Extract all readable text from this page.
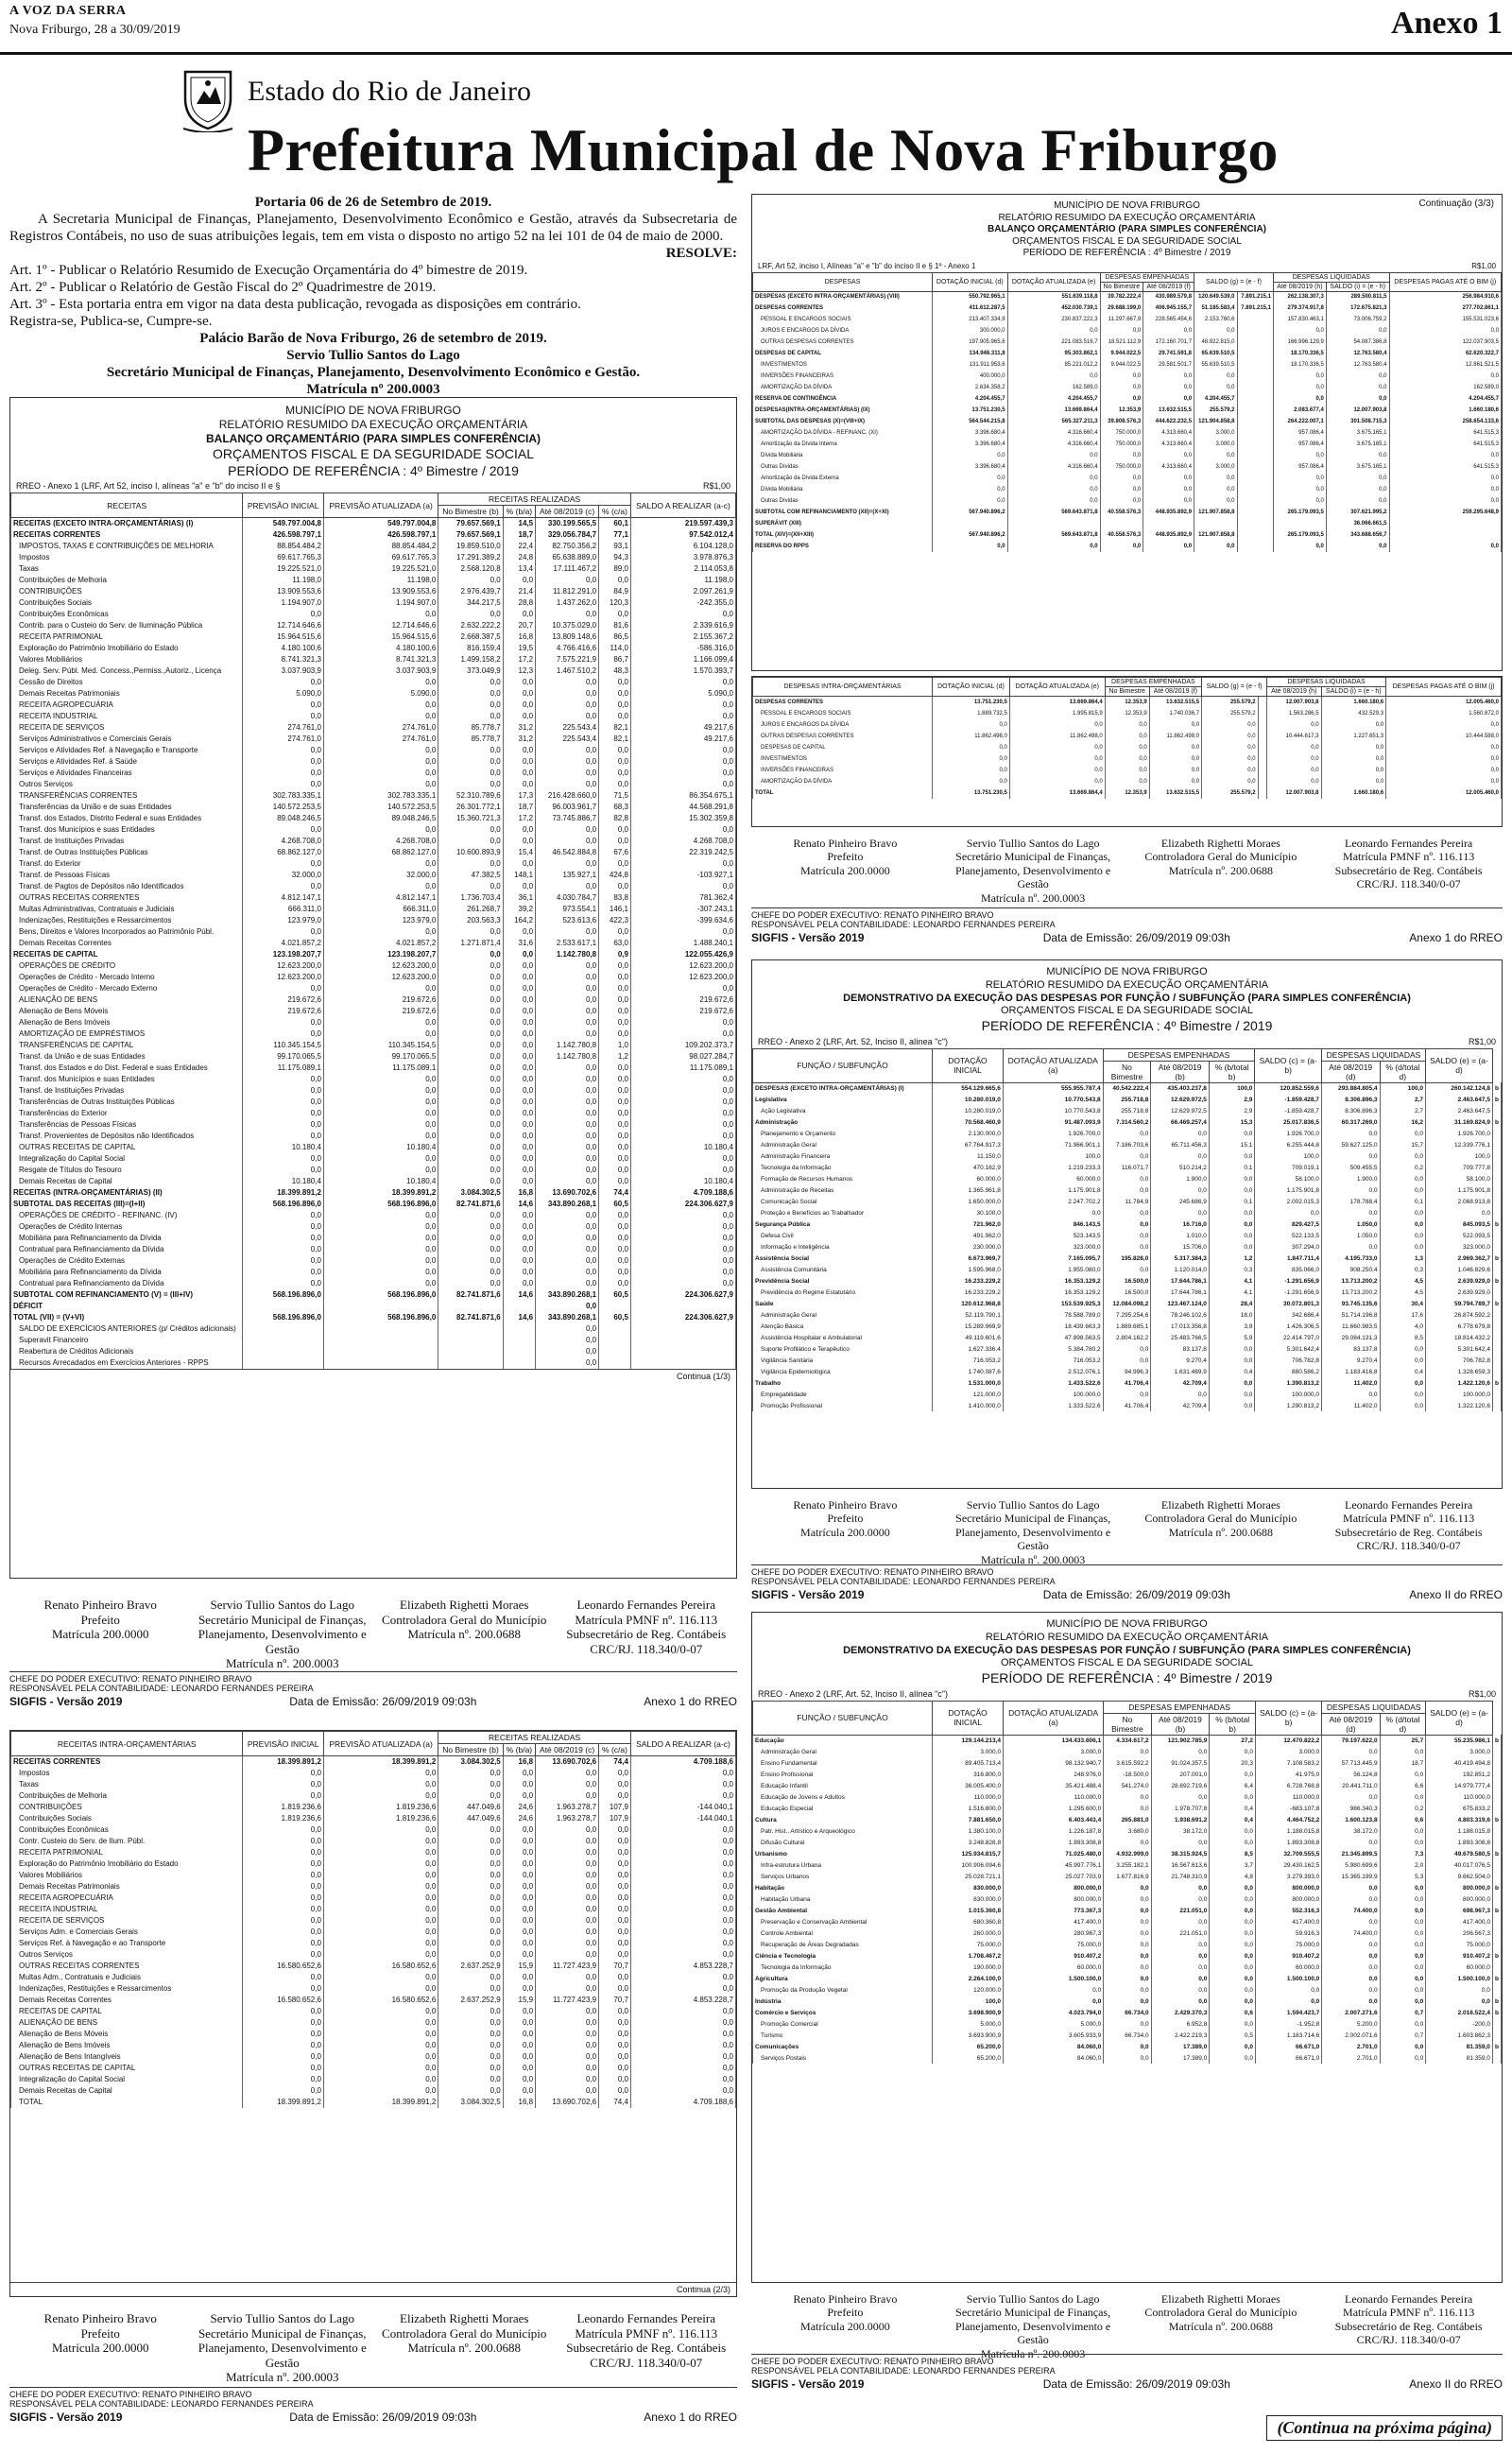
A VOZ DA SERRA
Nova Friburgo, 28 a 30/09/2019	Anexo 1
Estado do Rio de Janeiro
Prefeitura Municipal de Nova Friburgo
Portaria 06 de 26 de Setembro de 2019.

A Secretaria Municipal de Finanças, Planejamento, Desenvolvimento Econômico e Gestão, através da Subsecretaria de Registros Contábeis, no uso de suas atribuições legais, tem em vista o disposto no artigo 52 na lei 101 de 04 de maio de 2000.

RESOLVE:

Art. 1º - Publicar o Relatório Resumido de Execução Orçamentária do 4º bimestre de 2019.

Art. 2º - Publicar o Relatório de Gestão Fiscal do 2º Quadrimestre de 2019.

Art. 3º - Esta portaria entra em vigor na data desta publicação, revogada as disposições em contrário.

Registra-se, Publica-se, Cumpre-se.

Palácio Barão de Nova Friburgo, 26 de setembro de 2019.

Servio Tullio Santos do Lago

Secretário Municipal de Finanças, Planejamento, Desenvolvimento Econômico e Gestão.

Matrícula nº 200.0003

MUNICÍPIO DE NOVA FRIBURGO
RELATÓRIO RESUMIDO DA EXECUÇÃO ORÇAMENTÁRIA
BALANÇO ORÇAMENTÁRIO (PARA SIMPLES CONFERÊNCIA)
ORÇAMENTOS FISCAL E DA SEGURIDADE SOCIAL
PERÍODO DE REFERÊNCIA : 4º Bimestre / 2019
RREO - Anexo 1 (LRF, Art 52, inciso I, alíneas "a" e "b" do inciso II e §	R$1,00
RECEITAS	PREVISÃO INICIAL	PREVISÃO ATUALIZADA (a)	RECEITAS REALIZADAS				SALDO A REALIZAR (a-c)
			No Bimestre (b)	% (b/a)	Até 08/2019 (c)	% (c/a)	
RECEITAS (EXCETO INTRA-ORÇAMENTÁRIAS) (I)	549.797.004,8	549.797.004,8	79.657.569,1	14,5	330.199.565,5	60,1	219.597.439,3
RECEITAS CORRENTES	426.598.797,1	426.598.797,1	79.657.569,1	18,7	329.056.784,7	77,1	97.542.012,4
IMPOSTOS, TAXAS E CONTRIBUIÇÕES DE MELHORIA	88.854.484,2	88.854.484,2	19.859.510,0	22,4	82.750.356,2	93,1	6.104.128,0
Impostos	69.617.765,3	69.617.765,3	17.291.389,2	24,8	65.638.889,0	94,3	3.978.876,3
Taxas	19.225.521,0	19.225.521,0	2.568.120,8	13,4	17.111.467,2	89,0	2.114.053,8
Contribuições de Melhoria	11.198,0	11.198,0	0,0	0,0	0,0	0,0	11.198,0
CONTRIBUIÇÕES	13.909.553,6	13.909.553,6	2.976.439,7	21,4	11.812.291,0	84,9	2.097.261,9
Contribuições Sociais	1.194.907,0	1.194.907,0	344.217,5	28,8	1.437.262,0	120,3	-242.355,0
Contribuições Econômicas	0,0	0,0	0,0	0,0	0,0	0,0	0,0
Contrib. para o Custeio do Serv. de Iluminação Pública	12.714.646,6	12.714.646,6	2.632.222,2	20,7	10.375.029,0	81,6	2.339.616,9
RECEITA PATRIMONIAL	15.964.515,6	15.964.515,6	2.668.387,5	16,8	13.809.148,6	86,5	2.155.367,2
Exploração do Patrimônio Imobiliário do Estado	4.180.100,6	4.180.100,6	816.159,4	19,5	4.766.416,6	114,0	-586.316,0
Valores Mobiliários	8.741.321,3	8.741.321,3	1.499.158,2	17,2	7.575.221,9	86,7	1.166.099,4
Deleg. Serv. Públ. Med. Concess.,Permiss.,Autoriz., Licença	3.037.903,9	3.037.903,9	373.049,9	12,3	1.467.510,2	48,3	1.570.393,7
Cessão de Direitos	0,0	0,0	0,0	0,0	0,0	0,0	0,0
Demais Receitas Patrimoniais	5.090,0	5.090,0	0,0	0,0	0,0	0,0	5.090,0
RECEITA AGROPECUÁRIA	0,0	0,0	0,0	0,0	0,0	0,0	0,0
RECEITA INDUSTRIAL	0,0	0,0	0,0	0,0	0,0	0,0	0,0
RECEITA DE SERVIÇOS	274.761,0	274.761,0	85.778,7	31,2	225.543,4	82,1	49.217,6
Serviços Administrativos e Comerciais Gerais	274.761,0	274.761,0	85.778,7	31,2	225.543,4	82,1	49.217,6
Serviços e Atividades Ref. à Navegação e Transporte	0,0	0,0	0,0	0,0	0,0	0,0	0,0
Serviços e Atividades Ref. à Saúde	0,0	0,0	0,0	0,0	0,0	0,0	0,0
Serviços e Atividades Financeiras	0,0	0,0	0,0	0,0	0,0	0,0	0,0
Outros Serviços	0,0	0,0	0,0	0,0	0,0	0,0	0,0
TRANSFERÊNCIAS CORRENTES	302.783.335,1	302.783.335,1	52.310.789,6	17,3	216.428.660,0	71,5	86.354.675,1
Transferências da União e de suas Entidades	140.572.253,5	140.572.253,5	26.301.772,1	18,7	96.003.961,7	68,3	44.568.291,8
Transf. dos Estados, Distrito Federal e suas Entidades	89.048.246,5	89.048.246,5	15.360.721,3	17,2	73.745.886,7	82,8	15.302.359,8
Transf. dos Municípios e suas Entidades	0,0	0,0	0,0	0,0	0,0	0,0	0,0
Transf. de Instituições Privadas	4.268.708,0	4.268.708,0	0,0	0,0	0,0	0,0	4.268.708,0
Transf. de Outras Instituições Públicas	68.862.127,0	68.862.127,0	10.600.893,9	15,4	46.542.884,8	67,6	22.319.242,5
Transf. do Exterior	0,0	0,0	0,0	0,0	0,0	0,0	0,0
Transf. de Pessoas Físicas	32.000,0	32.000,0	47.382,5	148,1	135.927,1	424,8	-103.927,1
Transf. de Pagtos de Depósitos não Identificados	0,0	0,0	0,0	0,0	0,0	0,0	0,0
OUTRAS RECEITAS CORRENTES	4.812.147,1	4.812.147,1	1.736.703,4	36,1	4.030.784,7	83,8	781.362,4
Multas Administrativas, Contratuais e Judiciais	666.311,0	666.311,0	261.268,7	39,2	973.554,1	146,1	-307.243,1
Indenizações, Restituições e Ressarcimentos	123.979,0	123.979,0	203.563,3	164,2	523.613,6	422,3	-399.634,6
Bens, Direitos e Valores Incorporados ao Patrimônio Públ.	0,0	0,0	0,0	0,0	0,0	0,0	0,0
Demais Receitas Correntes	4.021.857,2	4.021.857,2	1.271.871,4	31,6	2.533.617,1	63,0	1.488.240,1
RECEITAS DE CAPITAL	123.198.207,7	123.198.207,7	0,0	0,0	1.142.780,8	0,9	122.055.426,9
OPERAÇÕES DE CRÉDITO	12.623.200,0	12.623.200,0	0,0	0,0	0,0	0,0	12.623.200,0
Operações de Crédito - Mercado Interno	12.623.200,0	12.623.200,0	0,0	0,0	0,0	0,0	12.623.200,0
Operações de Crédito - Mercado Externo	0,0	0,0	0,0	0,0	0,0	0,0	0,0
ALIENAÇÃO DE BENS	219.672,6	219.672,6	0,0	0,0	0,0	0,0	219.672,6
Alienação de Bens Móveis	219.672,6	219.672,6	0,0	0,0	0,0	0,0	219.672,6
Alienação de Bens Imóveis	0,0	0,0	0,0	0,0	0,0	0,0	0,0
AMORTIZAÇÃO DE EMPRÉSTIMOS	0,0	0,0	0,0	0,0	0,0	0,0	0,0
TRANSFERÊNCIAS DE CAPITAL	110.345.154,5	110.345.154,5	0,0	0,0	1.142.780,8	1,0	109.202.373,7
Transf. da União e de suas Entidades	99.170.065,5	99.170.065,5	0,0	0,0	1.142.780,8	1,2	98.027.284,7
Transf. dos Estados e do Dist. Federal e suas Entidades	11.175.089,1	11.175.089,1	0,0	0,0	0,0	0,0	11.175.089,1
Transf. dos Municípios e suas Entidades	0,0	0,0	0,0	0,0	0,0	0,0	0,0
Transf. de Instituições Privadas	0,0	0,0	0,0	0,0	0,0	0,0	0,0
Transferências de Outras Instituições Públicas	0,0	0,0	0,0	0,0	0,0	0,0	0,0
Transferências do Exterior	0,0	0,0	0,0	0,0	0,0	0,0	0,0
Transferências de Pessoas Físicas	0,0	0,0	0,0	0,0	0,0	0,0	0,0
Transf. Provenientes de Depósitos não Identificados	0,0	0,0	0,0	0,0	0,0	0,0	0,0
OUTRAS RECEITAS DE CAPITAL	10.180,4	10.180,4	0,0	0,0	0,0	0,0	10.180,4
Integralização do Capital Social	0,0	0,0	0,0	0,0	0,0	0,0	0,0
Resgate de Títulos do Tesouro	0,0	0,0	0,0	0,0	0,0	0,0	0,0
Demais Receitas de Capital	10.180,4	10.180,4	0,0	0,0	0,0	0,0	10.180,4
RECEITAS (INTRA-ORÇAMENTÁRIAS) (II)	18.399.891,2	18.399.891,2	3.084.302,5	16,8	13.690.702,6	74,4	4.709.188,6
SUBTOTAL DAS RECEITAS (III)=(I+II)	568.196.896,0	568.196.896,0	82.741.871,6	14,6	343.890.268,1	60,5	224.306.627,9
OPERAÇÕES DE CRÉDITO - REFINANC. (IV)	0,0	0,0	0,0	0,0	0,0	0,0	0,0
Operações de Crédito Internas	0,0	0,0	0,0	0,0	0,0	0,0	0,0
Mobiliária para Refinanciamento da Dívida	0,0	0,0	0,0	0,0	0,0	0,0	0,0
Contratual para Refinanciamento da Dívida	0,0	0,0	0,0	0,0	0,0	0,0	0,0
Operações de Crédito Externas	0,0	0,0	0,0	0,0	0,0	0,0	0,0
Mobiliária para Refinanciamento da Dívida	0,0	0,0	0,0	0,0	0,0	0,0	0,0
Contratual para Refinanciamento da Dívida	0,0	0,0	0,0	0,0	0,0	0,0	0,0
SUBTOTAL COM REFINANCIAMENTO (V) = (III+IV)	568.196.896,0	568.196.896,0	82.741.871,6	14,6	343.890.268,1	60,5	224.306.627,9
DÉFICIT					0,0		
TOTAL (VII) = (V+VI)	568.196.896,0	568.196.896,0	82.741.871,6	14,6	343.890.268,1	60,5	224.306.627,9
SALDO DE EXERCÍCIOS ANTERIORES (p/ Créditos adicionais)					0,0		
Superavit Financeiro					0,0		
Reabertura de Créditos Adicionais					0,0		
Recursos Arrecadados em Exercícios Anteriores - RPPS					0,0		
Continua (1/3)
Renato Pinheiro Bravo
Prefeito
Matrícula 200.0000
Servio Tullio Santos do Lago
Secretário Municipal de Finanças, Planejamento, Desenvolvimento e Gestão
Matrícula nº. 200.0003
Elizabeth Righetti Moraes
Controladora Geral do Município
Matrícula nº. 200.0688
Leonardo Fernandes Pereira
Matrícula PMNF nº. 116.113 Subsecretário de Reg. Contábeis
CRC/RJ. 118.340/0-07
CHEFE DO PODER EXECUTIVO: RENATO PINHEIRO BRAVO
RESPONSÁVEL PELA CONTABILIDADE: LEONARDO FERNANDES PEREIRA
SIGFIS - Versão 2019	Data de Emissão: 26/09/2019 09:03h	Anexo 1 do RREO
RECEITAS INTRA-ORÇAMENTÁRIAS	PREVISÃO INICIAL	PREVISÃO ATUALIZADA (a)	RECEITAS REALIZADAS				SALDO A REALIZAR (a-c)
			No Bimestre (b)	% (b/a)	Até 08/2019 (c)	% (c/a)	
RECEITAS CORRENTES	18.399.891,2	18.399.891,2	3.084.302,5	16,8	13.690.702,6	74,4	4.709.188,6
Impostos	0,0	0,0	0,0	0,0	0,0	0,0	0,0
Taxas	0,0	0,0	0,0	0,0	0,0	0,0	0,0
Contribuições de Melhoria	0,0	0,0	0,0	0,0	0,0	0,0	0,0
CONTRIBUIÇÕES	1.819.236,6	1.819.236,6	447.049,6	24,6	1.963.278,7	107,9	-144.040,1
Contribuições Sociais	1.819.236,6	1.819.236,6	447.049,6	24,6	1.963.278,7	107,9	-144.040,1
Contribuições Econômicas	0,0	0,0	0,0	0,0	0,0	0,0	0,0
Contr. Custeio do Serv. de Ilum. Públ.	0,0	0,0	0,0	0,0	0,0	0,0	0,0
RECEITA PATRIMONIAL	0,0	0,0	0,0	0,0	0,0	0,0	0,0
Exploração do Patrimônio Imobiliário do Estado	0,0	0,0	0,0	0,0	0,0	0,0	0,0
Valores Mobiliários	0,0	0,0	0,0	0,0	0,0	0,0	0,0
Demais Receitas Patrimoniais	0,0	0,0	0,0	0,0	0,0	0,0	0,0
RECEITA AGROPECUÁRIA	0,0	0,0	0,0	0,0	0,0	0,0	0,0
RECEITA INDUSTRIAL	0,0	0,0	0,0	0,0	0,0	0,0	0,0
RECEITA DE SERVIÇOS	0,0	0,0	0,0	0,0	0,0	0,0	0,0
Serviços Adm. e Comerciais Gerais	0,0	0,0	0,0	0,0	0,0	0,0	0,0
Serviços Ref. à Navegação e ao Transporte	0,0	0,0	0,0	0,0	0,0	0,0	0,0
Outros Serviços	0,0	0,0	0,0	0,0	0,0	0,0	0,0
OUTRAS RECEITAS CORRENTES	16.580.652,6	16.580.652,6	2.637.252,9	15,9	11.727.423,9	70,7	4.853.228,7
Multas Adm., Contratuais e Judiciais	0,0	0,0	0,0	0,0	0,0	0,0	0,0
Indenizações, Restituições e Ressarcimentos	0,0	0,0	0,0	0,0	0,0	0,0	0,0
Demais Receitas Correntes	16.580.652,6	16.580.652,6	2.637.252,9	15,9	11.727.423,9	70,7	4.853.228,7
RECEITAS DE CAPITAL	0,0	0,0	0,0	0,0	0,0	0,0	0,0
ALIENAÇÃO DE BENS	0,0	0,0	0,0	0,0	0,0	0,0	0,0
Alienação de Bens Móveis	0,0	0,0	0,0	0,0	0,0	0,0	0,0
Alienação de Bens Imóveis	0,0	0,0	0,0	0,0	0,0	0,0	0,0
Alienação de Bens Intangíveis	0,0	0,0	0,0	0,0	0,0	0,0	0,0
OUTRAS RECEITAS DE CAPITAL	0,0	0,0	0,0	0,0	0,0	0,0	0,0
Integralização do Capital Social	0,0	0,0	0,0	0,0	0,0	0,0	0,0
Demais Receitas de Capital	0,0	0,0	0,0	0,0	0,0	0,0	0,0
TOTAL	18.399.891,2	18.399.891,2	3.084.302,5	16,8	13.690.702,6	74,4	4.709.188,6
Continua (2/3)
Renato Pinheiro Bravo
Prefeito
Matrícula 200.0000
Servio Tullio Santos do Lago
Secretário Municipal de Finanças, Planejamento, Desenvolvimento e Gestão
Matrícula nº. 200.0003
Elizabeth Righetti Moraes
Controladora Geral do Município
Matrícula nº. 200.0688
Leonardo Fernandes Pereira
Matrícula PMNF nº. 116.113 Subsecretário de Reg. Contábeis
CRC/RJ. 118.340/0-07
CHEFE DO PODER EXECUTIVO: RENATO PINHEIRO BRAVO
RESPONSÁVEL PELA CONTABILIDADE: LEONARDO FERNANDES PEREIRA
SIGFIS - Versão 2019	Data de Emissão: 26/09/2019 09:03h	Anexo 1 do RREO
Continuação (3/3)
MUNICÍPIO DE NOVA FRIBURGO
RELATÓRIO RESUMIDO DA EXECUÇÃO ORÇAMENTÁRIA
BALANÇO ORÇAMENTÁRIO (PARA SIMPLES CONFERÊNCIA)
ORÇAMENTOS FISCAL E DA SEGURIDADE SOCIAL
PERÍODO DE REFERÊNCIA : 4º Bimestre / 2019
LRF, Art 52, inciso I, Alíneas "a" e "b" do inciso II e § 1º - Anexo 1	R$1,00
DESPESAS	DOTAÇÃO INICIAL (d)	DOTAÇÃO ATUALIZADA (e)	DESPESAS EMPENHADAS		SALDO (g) = (e - f)		DESPESAS LIQUIDADAS		DESPESAS PAGAS ATÉ O BIM (j)
			No Bimestre	Até 08/2019 (f)			Até 08/2019 (h)	SALDO (i) = (e - h)	
DESPESAS (EXCETO INTRA-ORÇAMENTÁRIAS) (VIII)	550.792.965,1	551.639.118,8	39.782.222,4	430.989.579,8	120.649.539,0	7.891.215,1	262.138.307,3	289.500.811,5	256.984.910,6
DESPESAS CORRENTES	411.612.287,5	452.030.739,1	29.688.199,0	406.945.155,7	51.185.583,4	7.891.215,1	279.374.917,8	172.675.821,3	277.702.861,1
PESSOAL E ENCARGOS SOCIAIS	213.407.334,9	230.837.222,3	11.297.667,9	228.565.454,6	2.153.760,6		157.830.463,1	73.006.759,2	155.531.023,6
JUROS E ENCARGOS DA DÍVIDA	300.000,0	0,0	0,0	0,0	0,0		0,0	0,0	0,0
OUTRAS DESPESAS CORRENTES	197.905.965,6	221.083.516,7	18.521.112,9	172.160.701,7	48.922.815,0		166.996.129,9	54.087.386,8	122.037.903,5
DESPESAS DE CAPITAL	134.946.311,8	95.303.862,1	9.944.022,5	29.741.591,8	65.639.510,5		18.170.336,5	12.763.580,4	62.620.322,7
INVESTIMENTOS	131.911.953,6	85.221.012,2	9.944.022,5	29.581.501,7	55.639.510,5		18.170.336,5	12.763.580,4	12.861.521,5
INVERSÕES FINANCEIRAS	400.000,0	0,0	0,0	0,0	0,0		0,0	0,0	0,0
AMORTIZAÇÃO DA DÍVIDA	2.634.358,2	162.589,0	0,0	0,0	0,0		0,0	0,0	162.589,0
RESERVA DE CONTINGÊNCIA	4.204.455,7	4.204.455,7	0,0	0,0	4.204.455,7		0,0	0,0	4.204.455,7
DESPESAS(INTRA-ORÇAMENTÁRIAS) (IX)	13.751.230,5	13.669.864,4	12.353,9	13.632.515,5	255.579,2		2.083.677,4	12.007.903,8	1.660.180,6
SUBTOTAL DAS DESPESAS (X)=(VIII+IX)	564.544.215,8	565.327.211,3	39.808.576,3	444.622.232,5	121.904.858,8		264.222.007,1	301.508.715,3	258.654.133,6
AMORTIZAÇÃO DA DÍVIDA - REFINANC. (XI)	3.396.680,4	4.316.660,4	750.000,0	4.313.660,4	3.000,0		957.086,4	3.675.165,1	641.515,3
Amortização da Dívida Interna	3.396.680,4	4.316.660,4	750.000,0	4.313.660,4	3.000,0		957.086,4	3.675.165,1	641.515,3
Dívida Mobiliária	0,0	0,0	0,0	0,0	0,0		0,0	0,0	0,0
Outras Dívidas	3.396.680,4	4.316.660,4	750.000,0	4.313.660,4	3.000,0		957.086,4	3.675.165,1	641.515,3
Amortização da Dívida Externa	0,0	0,0	0,0	0,0	0,0		0,0	0,0	0,0
Dívida Mobiliária	0,0	0,0	0,0	0,0	0,0		0,0	0,0	0,0
Outras Dívidas	0,0	0,0	0,0	0,0	0,0		0,0	0,0	0,0
SUBTOTAL COM REFINANCIAMENTO (XII)=(X+XI)	567.940.896,2	569.643.871,8	40.558.576,3	448.935.892,9	121.907.858,8		265.179.093,5	307.621.995,2	259.295.648,9
SUPERÁVIT (XIII)								36.066.661,5	
TOTAL (XIV)=(XII+XIII)	567.940.896,2	569.643.871,8	40.558.576,3	448.935.892,9	121.907.858,8		265.179.093,5	343.688.656,7	
RESERVA DO RPPS	0,0	0,0	0,0	0,0	0,0		0,0	0,0	0,0
DESPESAS INTRA-ORÇAMENTÁRIAS	DOTAÇÃO INICIAL (d)	DOTAÇÃO ATUALIZADA (e)	DESPESAS EMPENHADAS		SALDO (g) = (e - f)		DESPESAS LIQUIDADAS		DESPESAS PAGAS ATÉ O BIM (j)
			No Bimestre	Até 08/2019 (f)			Até 08/2019 (h)	SALDO (i) = (e - h)	
DESPESAS CORRENTES	13.751.230,5	13.669.864,4	12.353,9	13.632.515,5	255.579,2		12.007.903,8	1.660.180,6	12.005.460,0
PESSOAL E ENCARGOS SOCIAIS	1.889.732,5	1.995.815,9	12.353,9	1.740.036,7	255.579,2		1.563.286,5	432.529,3	1.560.872,0
JUROS E ENCARGOS DA DÍVIDA	0,0	0,0	0,0	0,0	0,0		0,0	0,0	0,0
OUTRAS DESPESAS CORRENTES	11.862.498,0	11.862.498,0	0,0	11.862.498,0	0,0		10.444.617,3	1.227.651,3	10.444.588,0
DESPESAS DE CAPITAL	0,0	0,0	0,0	0,0	0,0		0,0	0,0	0,0
INVESTIMENTOS	0,0	0,0	0,0	0,0	0,0		0,0	0,0	0,0
INVERSÕES FINANCEIRAS	0,0	0,0	0,0	0,0	0,0		0,0	0,0	0,0
AMORTIZAÇÃO DA DÍVIDA	0,0	0,0	0,0	0,0	0,0		0,0	0,0	0,0
TOTAL	13.751.230,5	13.669.864,4	12.353,9	13.632.515,5	255.579,2		12.007.903,8	1.660.180,6	12.005.460,0
Renato Pinheiro Bravo
Prefeito
Matrícula 200.0000
Servio Tullio Santos do Lago
Secretário Municipal de Finanças, Planejamento, Desenvolvimento e Gestão
Matrícula nº. 200.0003
Elizabeth Righetti Moraes
Controladora Geral do Município
Matrícula nº. 200.0688
Leonardo Fernandes Pereira
Matrícula PMNF nº. 116.113 Subsecretário de Reg. Contábeis
CRC/RJ. 118.340/0-07
CHEFE DO PODER EXECUTIVO: RENATO PINHEIRO BRAVO
RESPONSÁVEL PELA CONTABILIDADE: LEONARDO FERNANDES PEREIRA
SIGFIS - Versão 2019	Data de Emissão: 26/09/2019 09:03h	Anexo 1 do RREO
MUNICÍPIO DE NOVA FRIBURGO
RELATÓRIO RESUMIDO DA EXECUÇÃO ORÇAMENTÁRIA
DEMONSTRATIVO DA EXECUÇÃO DAS DESPESAS POR FUNÇÃO / SUBFUNÇÃO (PARA SIMPLES CONFERÊNCIA)
ORÇAMENTOS FISCAL E DA SEGURIDADE SOCIAL
PERÍODO DE REFERÊNCIA : 4º Bimestre / 2019
RREO - Anexo 2 (LRF, Art. 52, Inciso II, alínea "c")	R$1,00
FUNÇÃO / SUBFUNÇÃO	DOTAÇÃO INICIAL	DOTAÇÃO ATUALIZADA (a)	DESPESAS EMPENHADAS			SALDO (c) = (a-b)	DESPESAS LIQUIDADAS		SALDO (e) = (a-d)	
			No Bimestre	Até 08/2019 (b)	% (b/total b)		Até 08/2019 (d)	% (d/total d)		
DESPESAS (EXCETO INTRA-ORÇAMENTÁRIAS) (I)	554.129.665,6	555.955.787,4	40.542.222,4	435.403.237,8	100,0	120.852.559,6	293.884.805,4	100,0	260.142.124,8	b
Legislativa	10.280.019,0	10.770.543,8	255.718,8	12.629.972,5	2,9	-1.859.428,7	8.306.896,3	2,7	2.463.647,5	b
Ação Legislativa	10.280.019,0	10.770.543,8	255.718,8	12.629.972,5	2,9	-1.859.428,7	8.306.896,3	2,7	2.463.647,5	
Administração	70.568.460,9	91.487.093,9	7.314.560,2	66.469.257,4	15,3	25.017.836,5	60.317.269,0	16,2	31.169.824,9	b
Planejamento e Orçamento	2.130.000,0	1.926.700,0	0,0	0,0	0,0	1.926.700,0	0,0	0,0	1.926.700,0	
Administração Geral	67.764.917,3	71.966.901,1	7.186.703,6	65.711.456,3	15,1	6.255.444,8	59.627.125,0	15,7	12.339.776,1	
Administração Financeira	11.150,0	100,0	0,0	0,0	0,0	100,0	0,0	0,0	100,0	
Tecnologia da Informação	470.162,9	1.219.233,3	116.071,7	510.214,2	0,1	709.019,1	509.455,5	0,2	709.777,8	
Formação de Recursos Humanos	60.000,0	60.000,0	0,0	1.900,0	0,0	58.100,0	1.900,0	0,0	58.100,0	
Administração de Receitas	1.365.961,8	1.175.901,8	0,0	0,0	0,0	1.175.901,8	0,0	0,0	1.175.901,8	
Comunicação Social	1.650.000,0	2.247.702,2	11.784,9	245.686,9	0,1	2.002.015,3	178.788,4	0,1	2.068.913,8	
Proteção e Benefícios ao Trabalhador	30.100,0	0,0	0,0	0,0	0,0	0,0	0,0	0,0	0,0	
Segurança Pública	721.962,0	846.143,5	0,0	16.716,0	0,0	829.427,5	1.050,0	0,0	845.093,5	b
Defesa Civil	491.962,0	523.143,5	0,0	1.010,0	0,0	522.133,5	1.050,0	0,0	522.093,5	
Informação e Inteligência	230.000,0	323.000,0	0,0	15.706,0	0,0	307.294,0	0,0	0,0	323.000,0	
Assistência Social	6.673.969,7	7.165.095,7	195.828,0	5.317.384,3	1,2	1.847.711,4	4.195.733,0	1,3	2.969.362,7	b
Assistência Comunitária	1.595.968,0	1.955.080,0	0,0	1.120.014,0	0,3	835.066,0	908.250,4	0,3	1.046.829,6	
Previdência Social	16.233.229,2	16.353.129,2	16.500,0	17.644.786,1	4,1	-1.291.656,9	13.713.200,2	4,5	2.639.929,0	b
Previdência do Regime Estatutário	16.233.229,2	16.353.129,2	16.500,0	17.644.786,1	4,1	-1.291.656,9	13.713.200,2	4,5	2.639.929,0	
Saúde	120.612.968,8	153.539.925,3	12.084.098,2	123.467.124,0	28,4	30.072.801,3	93.745.135,6	30,4	59.794.789,7	b
Administração Geral	52.119.790,1	78.588.789,0	7.295.254,6	78.246.102,6	18,0	342.686,4	51.714.196,8	17,6	26.874.592,2	
Atenção Básica	15.289.969,9	18.439.663,3	1.889.685,1	17.013.356,8	3,9	1.426.306,5	11.660.983,5	4,0	6.778.679,8	
Assistência Hospitalar e Ambulatorial	49.119.601,6	47.898.563,5	2.804.162,2	25.483.766,5	5,9	22.414.797,0	29.084.131,3	8,5	18.814.432,2	
Suporte Profilático e Terapêutico	1.627.336,4	5.384.780,2	0,0	83.137,8	0,0	5.301.642,4	83.137,8	0,0	5.301.642,4	
Vigilância Sanitária	716.053,2	716.053,2	0,0	9.270,4	0,0	706.782,8	9.270,4	0,0	706.782,8	
Vigilância Epidemiológica	1.740.087,6	2.512.076,1	94.996,3	1.631.489,9	0,4	880.586,2	1.183.416,8	0,4	1.328.659,3	
Trabalho	1.531.000,0	1.433.522,6	41.706,4	42.709,4	0,0	1.390.813,2	11.402,0	0,0	1.422.120,6	b
Empregabilidade	121.000,0	100.000,0	0,0	0,0	0,0	100.000,0	0,0	0,0	100.000,0	
Promoção Profissional	1.410.000,0	1.333.522,6	41.706,4	42.709,4	0,0	1.290.813,2	11.402,0	0,0	1.322.120,6	
Renato Pinheiro Bravo
Prefeito
Matrícula 200.0000
Servio Tullio Santos do Lago
Secretário Municipal de Finanças, Planejamento, Desenvolvimento e Gestão
Matrícula nº. 200.0003
Elizabeth Righetti Moraes
Controladora Geral do Município
Matrícula nº. 200.0688
Leonardo Fernandes Pereira
Matrícula PMNF nº. 116.113 Subsecretário de Reg. Contábeis
CRC/RJ. 118.340/0-07
CHEFE DO PODER EXECUTIVO: RENATO PINHEIRO BRAVO
RESPONSÁVEL PELA CONTABILIDADE: LEONARDO FERNANDES PEREIRA
SIGFIS - Versão 2019	Data de Emissão: 26/09/2019 09:03h	Anexo II do RREO
MUNICÍPIO DE NOVA FRIBURGO
RELATÓRIO RESUMIDO DA EXECUÇÃO ORÇAMENTÁRIA
DEMONSTRATIVO DA EXECUÇÃO DAS DESPESAS POR FUNÇÃO / SUBFUNÇÃO (PARA SIMPLES CONFERÊNCIA)
ORÇAMENTOS FISCAL E DA SEGURIDADE SOCIAL
PERÍODO DE REFERÊNCIA : 4º Bimestre / 2019
RREO - Anexo 2 (LRF, Art. 52, Inciso II, alínea "c")	R$1,00
FUNÇÃO / SUBFUNÇÃO	DOTAÇÃO INICIAL	DOTAÇÃO ATUALIZADA (a)	DESPESAS EMPENHADAS			SALDO (c) = (a-b)	DESPESAS LIQUIDADAS		SALDO (e) = (a-d)	
			No Bimestre	Até 08/2019 (b)	% (b/total b)		Até 08/2019 (d)	% (d/total d)		
Educação	129.144.213,4	134.433.606,1	4.334.617,2	121.902.785,9	27,2	12.470.822,2	79.197.622,0	25,7	55.235.986,1	b
Administração Geral	3.000,0	3.000,0	0,0	0,0	0,0	3.000,0	0,0	0,0	3.000,0	
Ensino Fundamental	89.405.713,4	98.132.940,7	3.615.592,2	91.024.357,5	20,3	7.108.583,2	57.713.445,9	18,7	40.419.494,8	
Ensino Profissional	316.800,0	248.976,0	-18.500,0	207.001,0	0,0	41.975,0	56.124,8	0,0	192.851,2	
Educação Infantil	36.005.400,0	35.421.488,4	541.274,0	28.692.719,6	6,4	6.728.768,8	20.441.711,0	6,6	14.979.777,4	
Educação de Jovens e Adultos	110.000,0	110.000,0	0,0	0,0	0,0	110.000,0	0,0	0,0	110.000,0	
Educação Especial	1.516.800,0	1.295.600,0	0,0	1.978.707,8	0,4	-683.107,8	986.340,3	0,2	675.833,2	
Cultura	7.881.650,0	6.403.443,4	265.881,0	1.938.691,2	0,4	4.464.752,2	1.600.123,8	0,6	4.803.319,6	b
Patr. Hist., Artístico e Arqueológico	1.380.100,0	1.226.187,8	3.680,0	38.172,0	0,0	1.188.015,8	38.172,0	0,0	1.188.015,8	
Difusão Cultural	3.248.828,8	1.893.308,8	0,0	0,0	0,0	1.893.308,8	0,0	0,0	1.893.308,8	
Urbanismo	125.934.815,7	71.025.480,0	4.932.999,0	38.315.924,5	8,5	32.709.555,5	21.345.899,5	7,3	49.679.580,5	b
Infra-estrutura Urbana	100.906.094,6	45.997.776,1	3.255.182,1	16.567.613,6	3,7	29.430.162,5	5.980.699,6	2,0	40.017.076,5	
Serviços Urbanos	25.028.721,1	25.027.703,9	1.677.816,9	21.748.310,9	4,8	3.279.393,0	15.365.199,9	5,3	9.662.504,0	
Habitação	830.000,0	800.000,0	0,0	0,0	0,0	800.000,0	0,0	0,0	800.000,0	b
Habitação Urbana	830.000,0	800.000,0	0,0	0,0	0,0	800.000,0	0,0	0,0	800.000,0	
Gestão Ambiental	1.015.360,8	773.367,3	0,0	221.051,0	0,0	552.316,3	74.400,0	0,0	698.967,3	b
Preservação e Conservação Ambiental	680.360,8	417.400,0	0,0	0,0	0,0	417.400,0	0,0	0,0	417.400,0	
Controle Ambiental	260.000,0	280.967,3	0,0	221.051,0	0,0	59.916,3	74.400,0	0,0	206.567,3	
Recuperação de Áreas Degradadas	75.000,0	75.000,0	0,0	0,0	0,0	75.000,0	0,0	0,0	75.000,0	
Ciência e Tecnologia	1.708.467,2	910.407,2	0,0	0,0	0,0	910.407,2	0,0	0,0	910.407,2	b
Tecnologia da Informação	190.000,0	60.000,0	0,0	0,0	0,0	60.000,0	0,0	0,0	60.000,0	
Agricultura	2.264.100,0	1.500.100,0	0,0	0,0	0,0	1.500.100,0	0,0	0,0	1.500.100,0	b
Promoção da Produção Vegetal	120.000,0	0,0	0,0	0,0	0,0	0,0	0,0	0,0	0,0	
Indústria	100,0	0,0	0,0	0,0	0,0	0,0	0,0	0,0	0,0	b
Comércio e Serviços	3.698.900,9	4.023.794,0	66.734,0	2.429.370,3	0,6	1.594.423,7	2.007.271,6	0,7	2.016.522,4	b
Promoção Comercial	5.000,0	5.000,0	0,0	6.952,8	0,0	-1.952,8	5.200,0	0,0	-200,0	
Turismo	3.693.900,9	3.605.933,9	66.734,0	2.422.219,3	0,5	1.183.714,6	2.002.071,6	0,7	1.603.862,3	
Comunicações	65.200,0	84.060,0	0,0	17.389,0	0,0	66.671,0	2.701,0	0,0	81.359,0	b
Serviços Postais	65.200,0	84.060,0	0,0	17.389,0	0,0	66.671,0	2.701,0	0,0	81.359,0	
Renato Pinheiro Bravo
Prefeito
Matrícula 200.0000
Servio Tullio Santos do Lago
Secretário Municipal de Finanças, Planejamento, Desenvolvimento e Gestão
Matrícula nº. 200.0003
Elizabeth Righetti Moraes
Controladora Geral do Município
Matrícula nº. 200.0688
Leonardo Fernandes Pereira
Matrícula PMNF nº. 116.113 Subsecretário de Reg. Contábeis
CRC/RJ. 118.340/0-07
CHEFE DO PODER EXECUTIVO: RENATO PINHEIRO BRAVO
RESPONSÁVEL PELA CONTABILIDADE: LEONARDO FERNANDES PEREIRA
SIGFIS - Versão 2019	Data de Emissão: 26/09/2019 09:03h	Anexo II do RREO
(Continua na próxima página)
